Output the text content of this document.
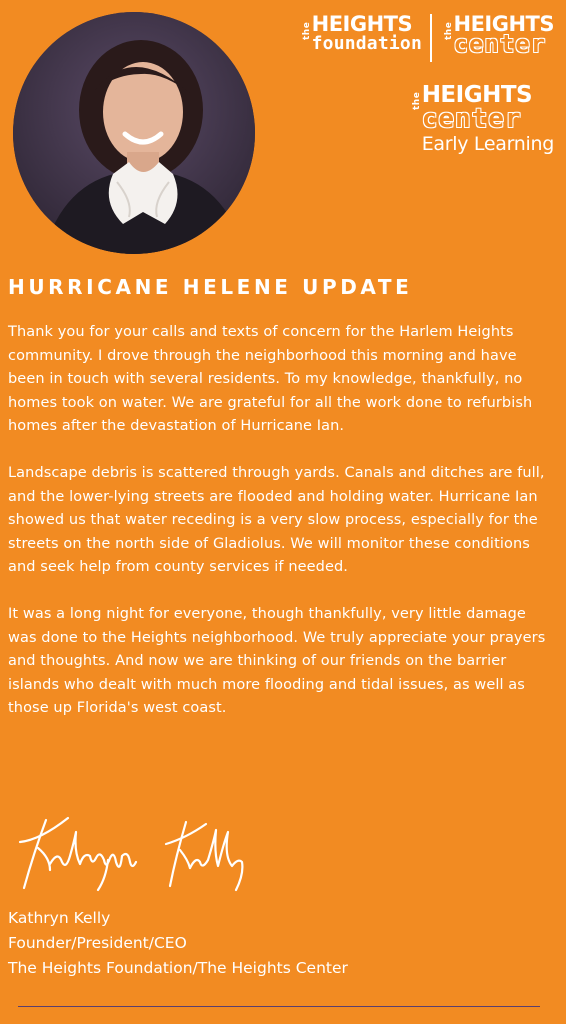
the HEIGHTS
foundation
the HEIGHTS
center
the HEIGHTS
center
Early Learning
HURRICANE HELENE UPDATE

Thank you for your calls and texts of concern for the Harlem Heights community. I drove through the neighborhood this morning and have been in touch with several residents. To my knowledge, thankfully, no homes took on water. We are grateful for all the work done to refurbish homes after the devastation of Hurricane Ian.

Landscape debris is scattered through yards. Canals and ditches are full, and the lower-lying streets are flooded and holding water. Hurricane Ian showed us that water receding is a very slow process, especially for the streets on the north side of Gladiolus. We will monitor these conditions and seek help from county services if needed.

It was a long night for everyone, though thankfully, very little damage was done to the Heights neighborhood. We truly appreciate your prayers and thoughts. And now we are thinking of our friends on the barrier islands who dealt with much more flooding and tidal issues, as well as those up Florida's west coast.

Kathryn Kelly
Founder/President/CEO
The Heights Foundation/The Heights Center
